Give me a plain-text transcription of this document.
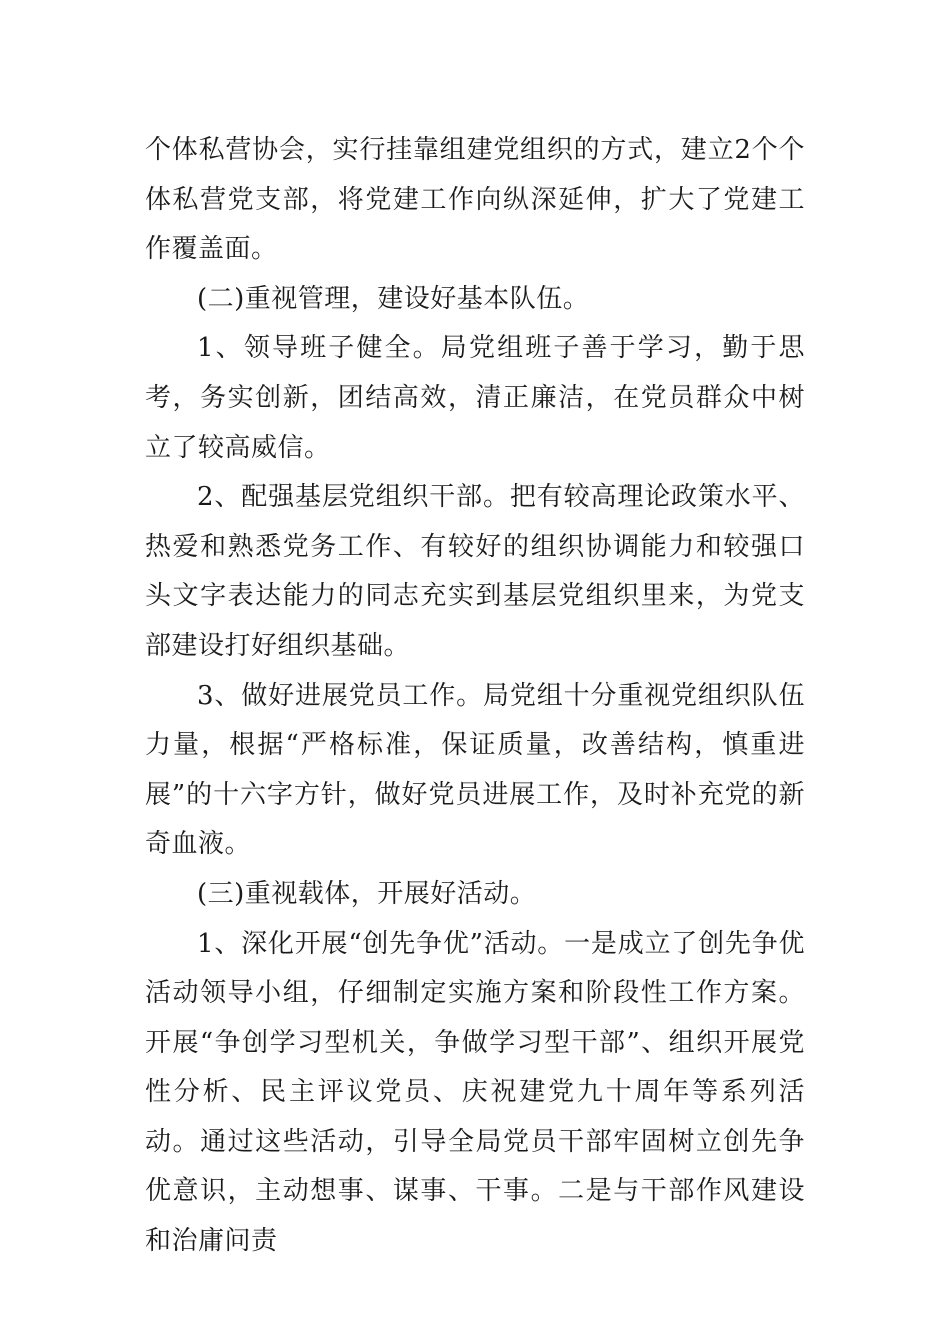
个体私营协会，实行挂靠组建党组织的方式，建立2个个体私营党支部，将党建工作向纵深延伸，扩大了党建工作覆盖面。

(二)重视管理，建设好基本队伍。

1、领导班子健全。局党组班子善于学习，勤于思考，务实创新，团结高效，清正廉洁，在党员群众中树立了较高威信。

2、配强基层党组织干部。把有较高理论政策水平、热爱和熟悉党务工作、有较好的组织协调能力和较强口头文字表达能力的同志充实到基层党组织里来，为党支部建设打好组织基础。

3、做好进展党员工作。局党组十分重视党组织队伍力量，根据“严格标准，保证质量，改善结构，慎重进展”的十六字方针，做好党员进展工作，及时补充党的新奇血液。

(三)重视载体，开展好活动。

1、深化开展“创先争优”活动。一是成立了创先争优活动领导小组，仔细制定实施方案和阶段性工作方案。开展“争创学习型机关，争做学习型干部”、组织开展党性分析、民主评议党员、庆祝建党九十周年等系列活动。通过这些活动，引导全局党员干部牢固树立创先争优意识，主动想事、谋事、干事。二是与干部作风建设和治庸问责
